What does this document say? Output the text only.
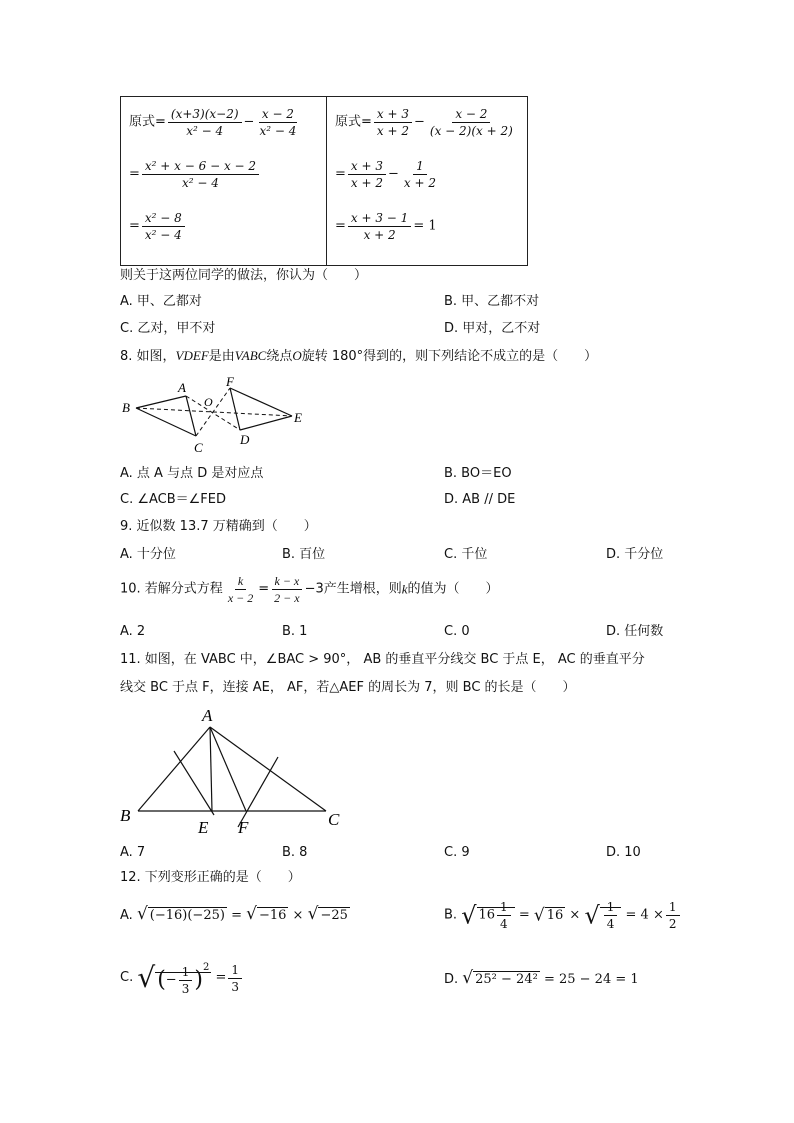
原式= $\frac{(x+3)(x-2)}{\text{x² − 4}} - \frac{x - 2}{\text{x² − 4}}$
= $\frac{\text{x² + x − 6 − x − 2}}{\text{x² − 4}}$
= $\frac{\text{x² − 8}}{\text{x² − 4}}$
原式= $\frac{x + 3}{x + 2} - \frac{x - 2}{(x - 2)(x + 2)}$
= $\frac{x + 3}{x + 2} - \frac{1}{x + 2}$
= $\frac{x + 3 - 1}{x + 2} = 1$
则关于这两位同学的做法，你认为（　　）
A. 甲、乙都对	B. 甲、乙都不对
C. 乙对，甲不对	D. 甲对，乙不对
8. 如图，VDEF是由VABC绕点O旋转 180°得到的，则下列结论不成立的是（　　）
B
A
O
F
E
C
D
A. 点 A 与点 D 是对应点	B. BO＝EO
C. ∠ACB＝∠FED	D. AB // DE
9. 近似数 13.7 万精确到（　　）
A. 十分位	B. 百位	C. 千位	D. 千分位
10. 若解分式方程 $\frac{k}{x - 2} = \frac{k - x}{2 - x} -3$产生增根，则k的值为（　　）
A. 2	B. 1	C. 0	D. 任何数
11. 如图，在 VABC 中，∠BAC > 90°， AB 的垂直平分线交 BC 于点 E， AC 的垂直平分
线交 BC 于点 F，连接 AE， AF，若△AEF 的周长为 7，则 BC 的长是（　　）
A
B
E F	C
A. 7	B. 8	C. 9	D. 10
12. 下列变形正确的是（　　）
A. √ (−16)(−25) = √ −16 × √ −25	B. √ $16 \frac{1}{4}$ = √ 16 × √ $\frac{1}{4} = 4 \times \frac{1}{2}$
C. √(− $\frac{1}{3} )^2 = \frac{1}{3}$	D. √ 25² − 24² = 25 − 24 = 1
